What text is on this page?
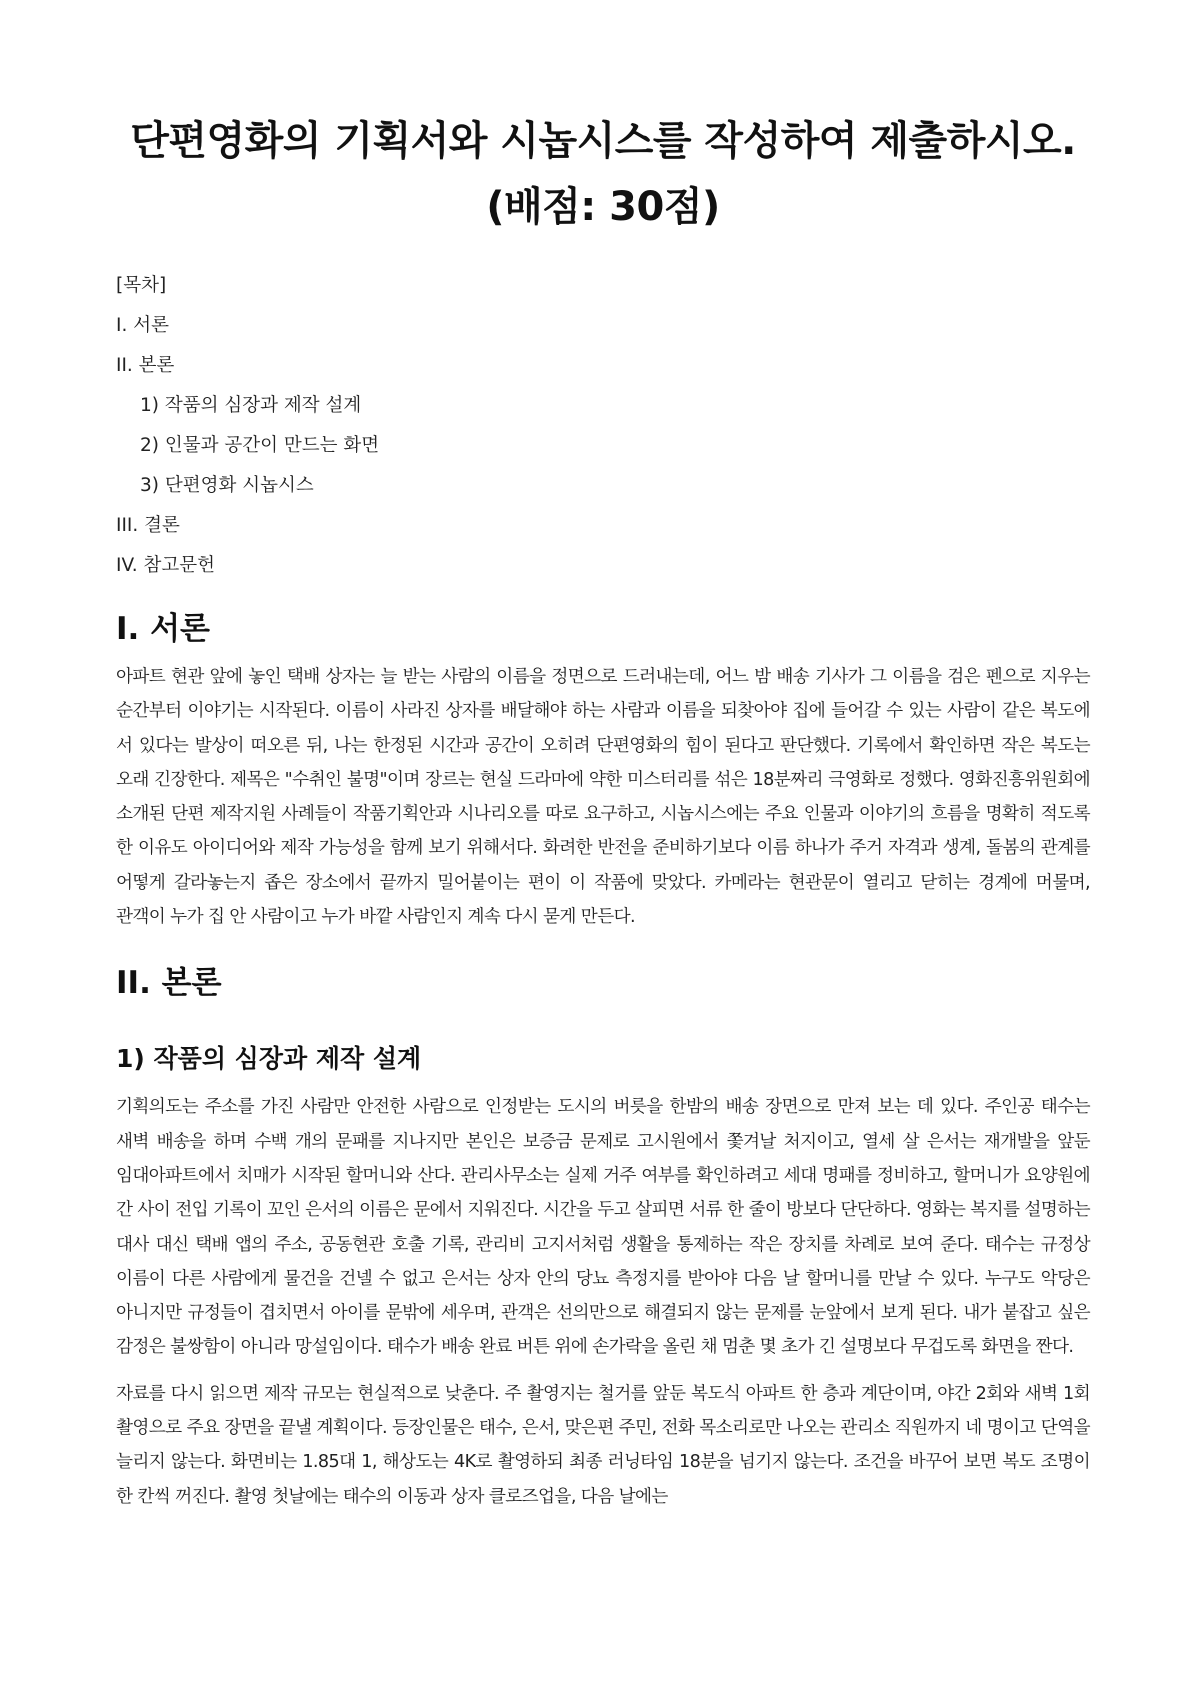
단편영화의 기획서와 시놉시스를 작성하여 제출하시오. (배점: 30점)
[목차]
I. 서론
II. 본론
1) 작품의 심장과 제작 설계
2) 인물과 공간이 만드는 화면
3) 단편영화 시놉시스
III. 결론
IV. 참고문헌
I. 서론

아파트 현관 앞에 놓인 택배 상자는 늘 받는 사람의 이름을 정면으로 드러내는데, 어느 밤 배송 기사가 그 이름을 검은 펜으로 지우는 순간부터 이야기는 시작된다. 이름이 사라진 상자를 배달해야 하는 사람과 이름을 되찾아야 집에 들어갈 수 있는 사람이 같은 복도에 서 있다는 발상이 떠오른 뒤, 나는 한정된 시간과 공간이 오히려 단편영화의 힘이 된다고 판단했다. 기록에서 확인하면 작은 복도는 오래 긴장한다. 제목은 "수취인 불명"이며 장르는 현실 드라마에 약한 미스터리를 섞은 18분짜리 극영화로 정했다. 영화진흥위원회에 소개된 단편 제작지원 사례들이 작품기획안과 시나리오를 따로 요구하고, 시놉시스에는 주요 인물과 이야기의 흐름을 명확히 적도록 한 이유도 아이디어와 제작 가능성을 함께 보기 위해서다. 화려한 반전을 준비하기보다 이름 하나가 주거 자격과 생계, 돌봄의 관계를 어떻게 갈라놓는지 좁은 장소에서 끝까지 밀어붙이는 편이 이 작품에 맞았다. 카메라는 현관문이 열리고 닫히는 경계에 머물며, 관객이 누가 집 안 사람이고 누가 바깥 사람인지 계속 다시 묻게 만든다.

II. 본론
1) 작품의 심장과 제작 설계

기획의도는 주소를 가진 사람만 안전한 사람으로 인정받는 도시의 버릇을 한밤의 배송 장면으로 만져 보는 데 있다. 주인공 태수는 새벽 배송을 하며 수백 개의 문패를 지나지만 본인은 보증금 문제로 고시원에서 쫓겨날 처지이고, 열세 살 은서는 재개발을 앞둔 임대아파트에서 치매가 시작된 할머니와 산다. 관리사무소는 실제 거주 여부를 확인하려고 세대 명패를 정비하고, 할머니가 요양원에 간 사이 전입 기록이 꼬인 은서의 이름은 문에서 지워진다. 시간을 두고 살피면 서류 한 줄이 방보다 단단하다. 영화는 복지를 설명하는 대사 대신 택배 앱의 주소, 공동현관 호출 기록, 관리비 고지서처럼 생활을 통제하는 작은 장치를 차례로 보여 준다. 태수는 규정상 이름이 다른 사람에게 물건을 건넬 수 없고 은서는 상자 안의 당뇨 측정지를 받아야 다음 날 할머니를 만날 수 있다. 누구도 악당은 아니지만 규정들이 겹치면서 아이를 문밖에 세우며, 관객은 선의만으로 해결되지 않는 문제를 눈앞에서 보게 된다. 내가 붙잡고 싶은 감정은 불쌍함이 아니라 망설임이다. 태수가 배송 완료 버튼 위에 손가락을 올린 채 멈춘 몇 초가 긴 설명보다 무겁도록 화면을 짠다.

자료를 다시 읽으면 제작 규모는 현실적으로 낮춘다. 주 촬영지는 철거를 앞둔 복도식 아파트 한 층과 계단이며, 야간 2회와 새벽 1회 촬영으로 주요 장면을 끝낼 계획이다. 등장인물은 태수, 은서, 맞은편 주민, 전화 목소리로만 나오는 관리소 직원까지 네 명이고 단역을 늘리지 않는다. 화면비는 1.85대 1, 해상도는 4K로 촬영하되 최종 러닝타임 18분을 넘기지 않는다. 조건을 바꾸어 보면 복도 조명이 한 칸씩 꺼진다. 촬영 첫날에는 태수의 이동과 상자 클로즈업을, 다음 날에는
